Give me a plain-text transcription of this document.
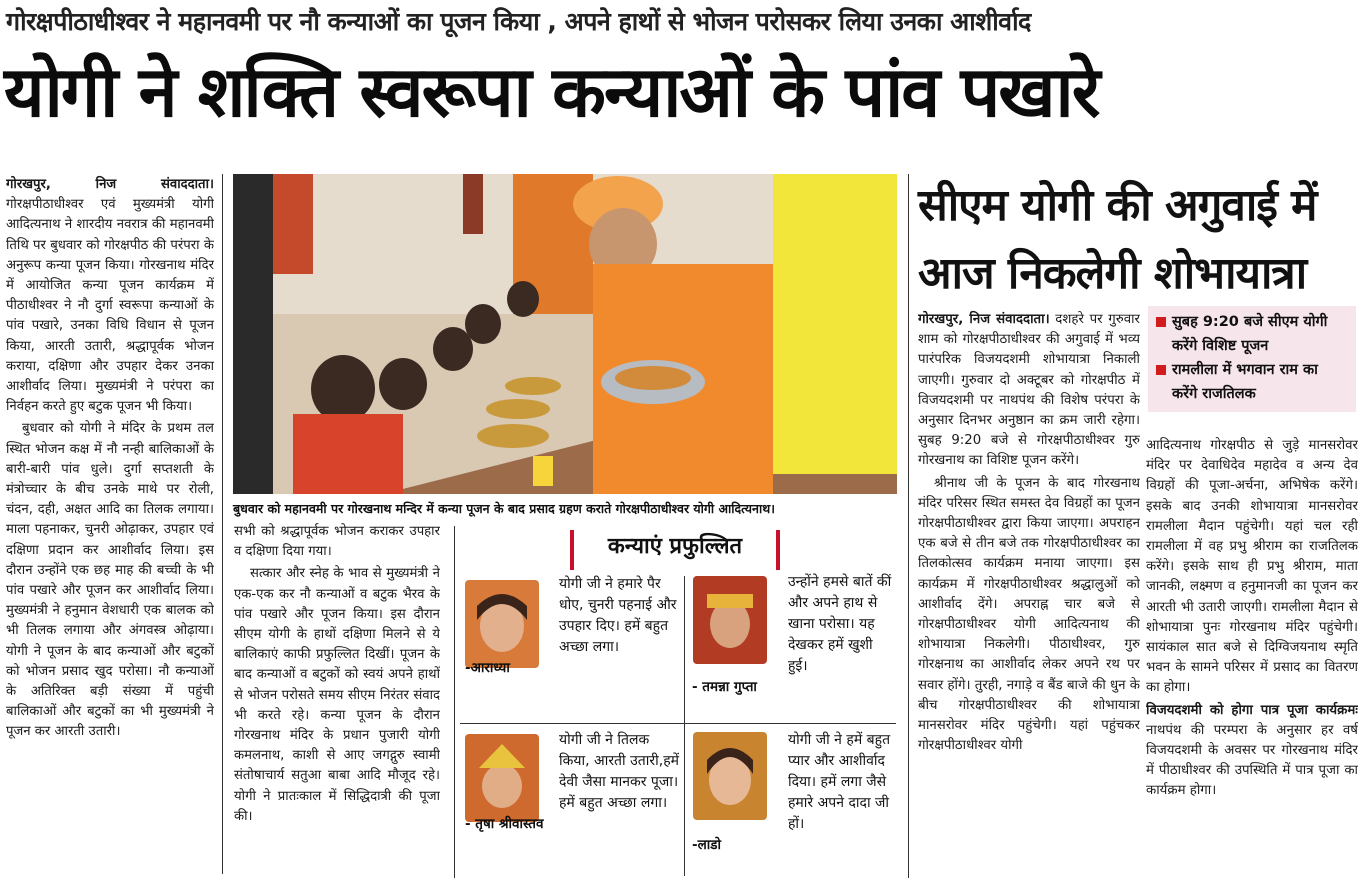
गोरक्षपीठाधीश्वर ने महानवमी पर नौ कन्याओं का पूजन किया , अपने हाथों से भोजन परोसकर लिया उनका आशीर्वाद
योगी ने शक्ति स्वरूपा कन्याओं के पांव पखारे

गोरखपुर, निज संवाददाता। गोरक्षपीठाधीश्वर एवं मुख्यमंत्री योगी आदित्यनाथ ने शारदीय नवरात्र की महानवमी तिथि पर बुधवार को गोरक्षपीठ की परंपरा के अनुरूप कन्या पूजन किया। गोरखनाथ मंदिर में आयोजित कन्या पूजन कार्यक्रम में पीठाधीश्वर ने नौ दुर्गा स्वरूपा कन्याओं के पांव पखारे, उनका विधि विधान से पूजन किया, आरती उतारी, श्रद्धापूर्वक भोजन कराया, दक्षिणा और उपहार देकर उनका आशीर्वाद लिया। मुख्यमंत्री ने परंपरा का निर्वहन करते हुए बटुक पूजन भी किया।

बुधवार को योगी ने मंदिर के प्रथम तल स्थित भोजन कक्ष में नौ नन्ही बालिकाओं के बारी-बारी पांव धुले। दुर्गा सप्तशती के मंत्रोच्चार के बीच उनके माथे पर रोली, चंदन, दही, अक्षत आदि का तिलक लगाया। माला पहनाकर, चुनरी ओढ़ाकर, उपहार एवं दक्षिणा प्रदान कर आशीर्वाद लिया। इस दौरान उन्होंने एक छह माह की बच्ची के भी पांव पखारे और पूजन कर आशीर्वाद लिया। मुख्यमंत्री ने हनुमान वेशधारी एक बालक को भी तिलक लगाया और अंगवस्त्र ओढ़ाया। योगी ने पूजन के बाद कन्याओं और बटुकों को भोजन प्रसाद खुद परोसा। नौ कन्याओं के अतिरिक्त बड़ी संख्या में पहुंची बालिकाओं और बटुकों का भी मुख्यमंत्री ने पूजन कर आरती उतारी।

बुधवार को महानवमी पर गोरखनाथ मन्दिर में कन्या पूजन के बाद प्रसाद ग्रहण कराते गोरक्षपीठाधीश्वर योगी आदित्यनाथ।

सभी को श्रद्धापूर्वक भोजन कराकर उपहार व दक्षिणा दिया गया।

सत्कार और स्नेह के भाव से मुख्यमंत्री ने एक-एक कर नौ कन्याओं व बटुक भैरव के पांव पखारे और पूजन किया। इस दौरान सीएम योगी के हाथों दक्षिणा मिलने से ये बालिकाएं काफी प्रफुल्लित दिखीं। पूजन के बाद कन्याओं व बटुकों को स्वयं अपने हाथों से भोजन परोसते समय सीएम निरंतर संवाद भी करते रहे। कन्या पूजन के दौरान गोरखनाथ मंदिर के प्रधान पुजारी योगी कमलनाथ, काशी से आए जगद्गुरु स्वामी संतोषाचार्य सतुआ बाबा आदि मौजूद रहे। योगी ने प्रातःकाल में सिद्धिदात्री की पूजा की।

कन्याएं प्रफुल्लित
योगी जी ने हमारे पैर धोए, चुनरी पहनाई और उपहार दिए। हमें बहुत अच्छा लगा।
-आराध्या
उन्होंने हमसे बातें कीं और अपने हाथ से खाना परोसा। यह देखकर हमें खुशी हुई।
- तमन्ना गुप्ता
योगी जी ने तिलक किया, आरती उतारी,हमें देवी जैसा मानकर पूजा। हमें बहुत अच्छा लगा।
- तृषा श्रीवास्तव
योगी जी ने हमें बहुत प्यार और आशीर्वाद दिया। हमें लगा जैसे हमारे अपने दादा जी हों।
-लाडो
सीएम योगी की अगुवाई में
आज निकलेगी शोभायात्रा
सुबह 9:20 बजे सीएम योगी करेंगे विशिष्ट पूजन
रामलीला में भगवान राम का करेंगे राजतिलक

गोरखपुर, निज संवाददाता। दशहरे पर गुरुवार शाम को गोरक्षपीठाधीश्वर की अगुवाई में भव्य पारंपरिक विजयदशमी शोभायात्रा निकाली जाएगी। गुरुवार दो अक्टूबर को गोरक्षपीठ में विजयदशमी पर नाथपंथ की विशेष परंपरा के अनुसार दिनभर अनुष्ठान का क्रम जारी रहेगा। सुबह 9:20 बजे से गोरक्षपीठाधीश्वर गुरु गोरखनाथ का विशिष्ट पूजन करेंगे।

श्रीनाथ जी के पूजन के बाद गोरखनाथ मंदिर परिसर स्थित समस्त देव विग्रहों का पूजन गोरक्षपीठाधीश्वर द्वारा किया जाएगा। अपराहन एक बजे से तीन बजे तक गोरक्षपीठाधीश्वर का तिलकोत्सव कार्यक्रम मनाया जाएगा। इस कार्यक्रम में गोरक्षपीठाधीश्वर श्रद्धालुओं को आशीर्वाद देंगे। अपराह्न चार बजे से गोरक्षपीठाधीश्वर योगी आदित्यनाथ की शोभायात्रा निकलेगी। पीठाधीश्वर, गुरु गोरक्षनाथ का आशीर्वाद लेकर अपने रथ पर सवार होंगे। तुरही, नगाड़े व बैंड बाजे की धुन के बीच गोरक्षपीठाधीश्वर की शोभायात्रा मानसरोवर मंदिर पहुंचेगी। यहां पहुंचकर गोरक्षपीठाधीश्वर योगी

आदित्यनाथ गोरक्षपीठ से जुड़े मानसरोवर मंदिर पर देवाधिदेव महादेव व अन्य देव विग्रहों की पूजा-अर्चना, अभिषेक करेंगे। इसके बाद उनकी शोभायात्रा मानसरोवर रामलीला मैदान पहुंचेगी। यहां चल रही रामलीला में वह प्रभु श्रीराम का राजतिलक करेंगे। इसके साथ ही प्रभु श्रीराम, माता जानकी, लक्ष्मण व हनुमानजी का पूजन कर आरती भी उतारी जाएगी। रामलीला मैदान से शोभायात्रा पुनः गोरखनाथ मंदिर पहुंचेगी। सायंकाल सात बजे से दिग्विजयनाथ स्मृति भवन के सामने परिसर में प्रसाद का वितरण का होगा।

विजयदशमी को होगा पात्र पूजा कार्यक्रमः नाथपंथ की परम्परा के अनुसार हर वर्ष विजयदशमी के अवसर पर गोरखनाथ मंदिर में पीठाधीश्वर की उपस्थिति में पात्र पूजा का कार्यक्रम होगा।
